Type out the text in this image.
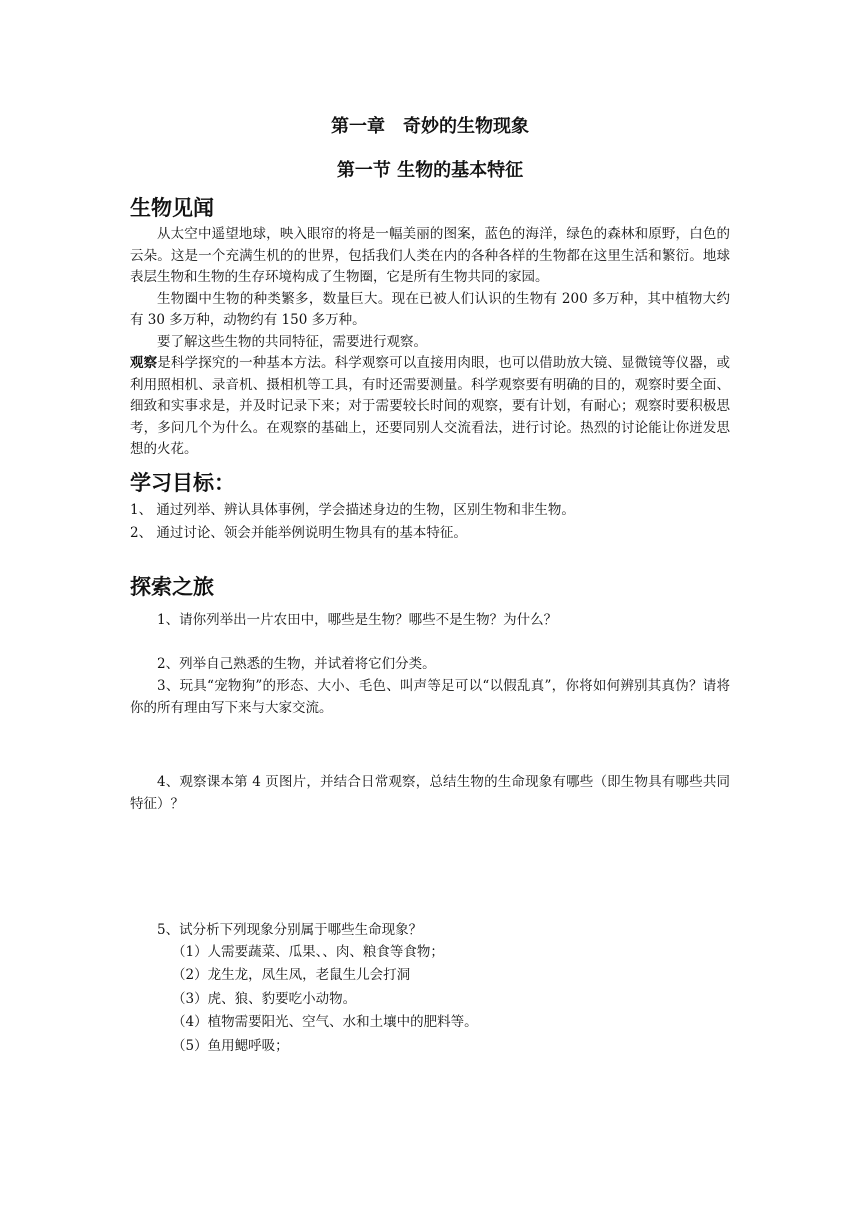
第一章　奇妙的生物现象
第一节 生物的基本特征
生物见闻

从太空中遥望地球，映入眼帘的将是一幅美丽的图案，蓝色的海洋，绿色的森林和原野，白色的云朵。这是一个充满生机的的世界，包括我们人类在内的各种各样的生物都在这里生活和繁衍。地球表层生物和生物的生存环境构成了生物圈，它是所有生物共同的家园。

生物圈中生物的种类繁多，数量巨大。现在已被人们认识的生物有 200 多万种，其中植物大约有 30 多万种，动物约有 150 多万种。

要了解这些生物的共同特征，需要进行观察。

观察是科学探究的一种基本方法。科学观察可以直接用肉眼，也可以借助放大镜、显微镜等仪器，或利用照相机、录音机、摄相机等工具，有时还需要测量。科学观察要有明确的目的，观察时要全面、细致和实事求是，并及时记录下来；对于需要较长时间的观察，要有计划，有耐心；观察时要积极思考，多问几个为什么。在观察的基础上，还要同别人交流看法，进行讨论。热烈的讨论能让你迸发思想的火花。

学习目标：

1、 通过列举、辨认具体事例，学会描述身边的生物，区别生物和非生物。

2、 通过讨论、领会并能举例说明生物具有的基本特征。

探索之旅

1、请你列举出一片农田中，哪些是生物？哪些不是生物？为什么？

2、列举自己熟悉的生物，并试着将它们分类。

3、玩具“宠物狗”的形态、大小、毛色、叫声等足可以“以假乱真”，你将如何辨别其真伪？请将你的所有理由写下来与大家交流。

4、观察课本第 4 页图片，并结合日常观察，总结生物的生命现象有哪些（即生物具有哪些共同特征）？

5、试分析下列现象分别属于哪些生命现象？

（1）人需要蔬菜、瓜果、、肉、粮食等食物；
（2）龙生龙，凤生凤，老鼠生儿会打洞
（3）虎、狼、豹要吃小动物。
（4）植物需要阳光、空气、水和土壤中的肥料等。
（5）鱼用鳃呼吸；
